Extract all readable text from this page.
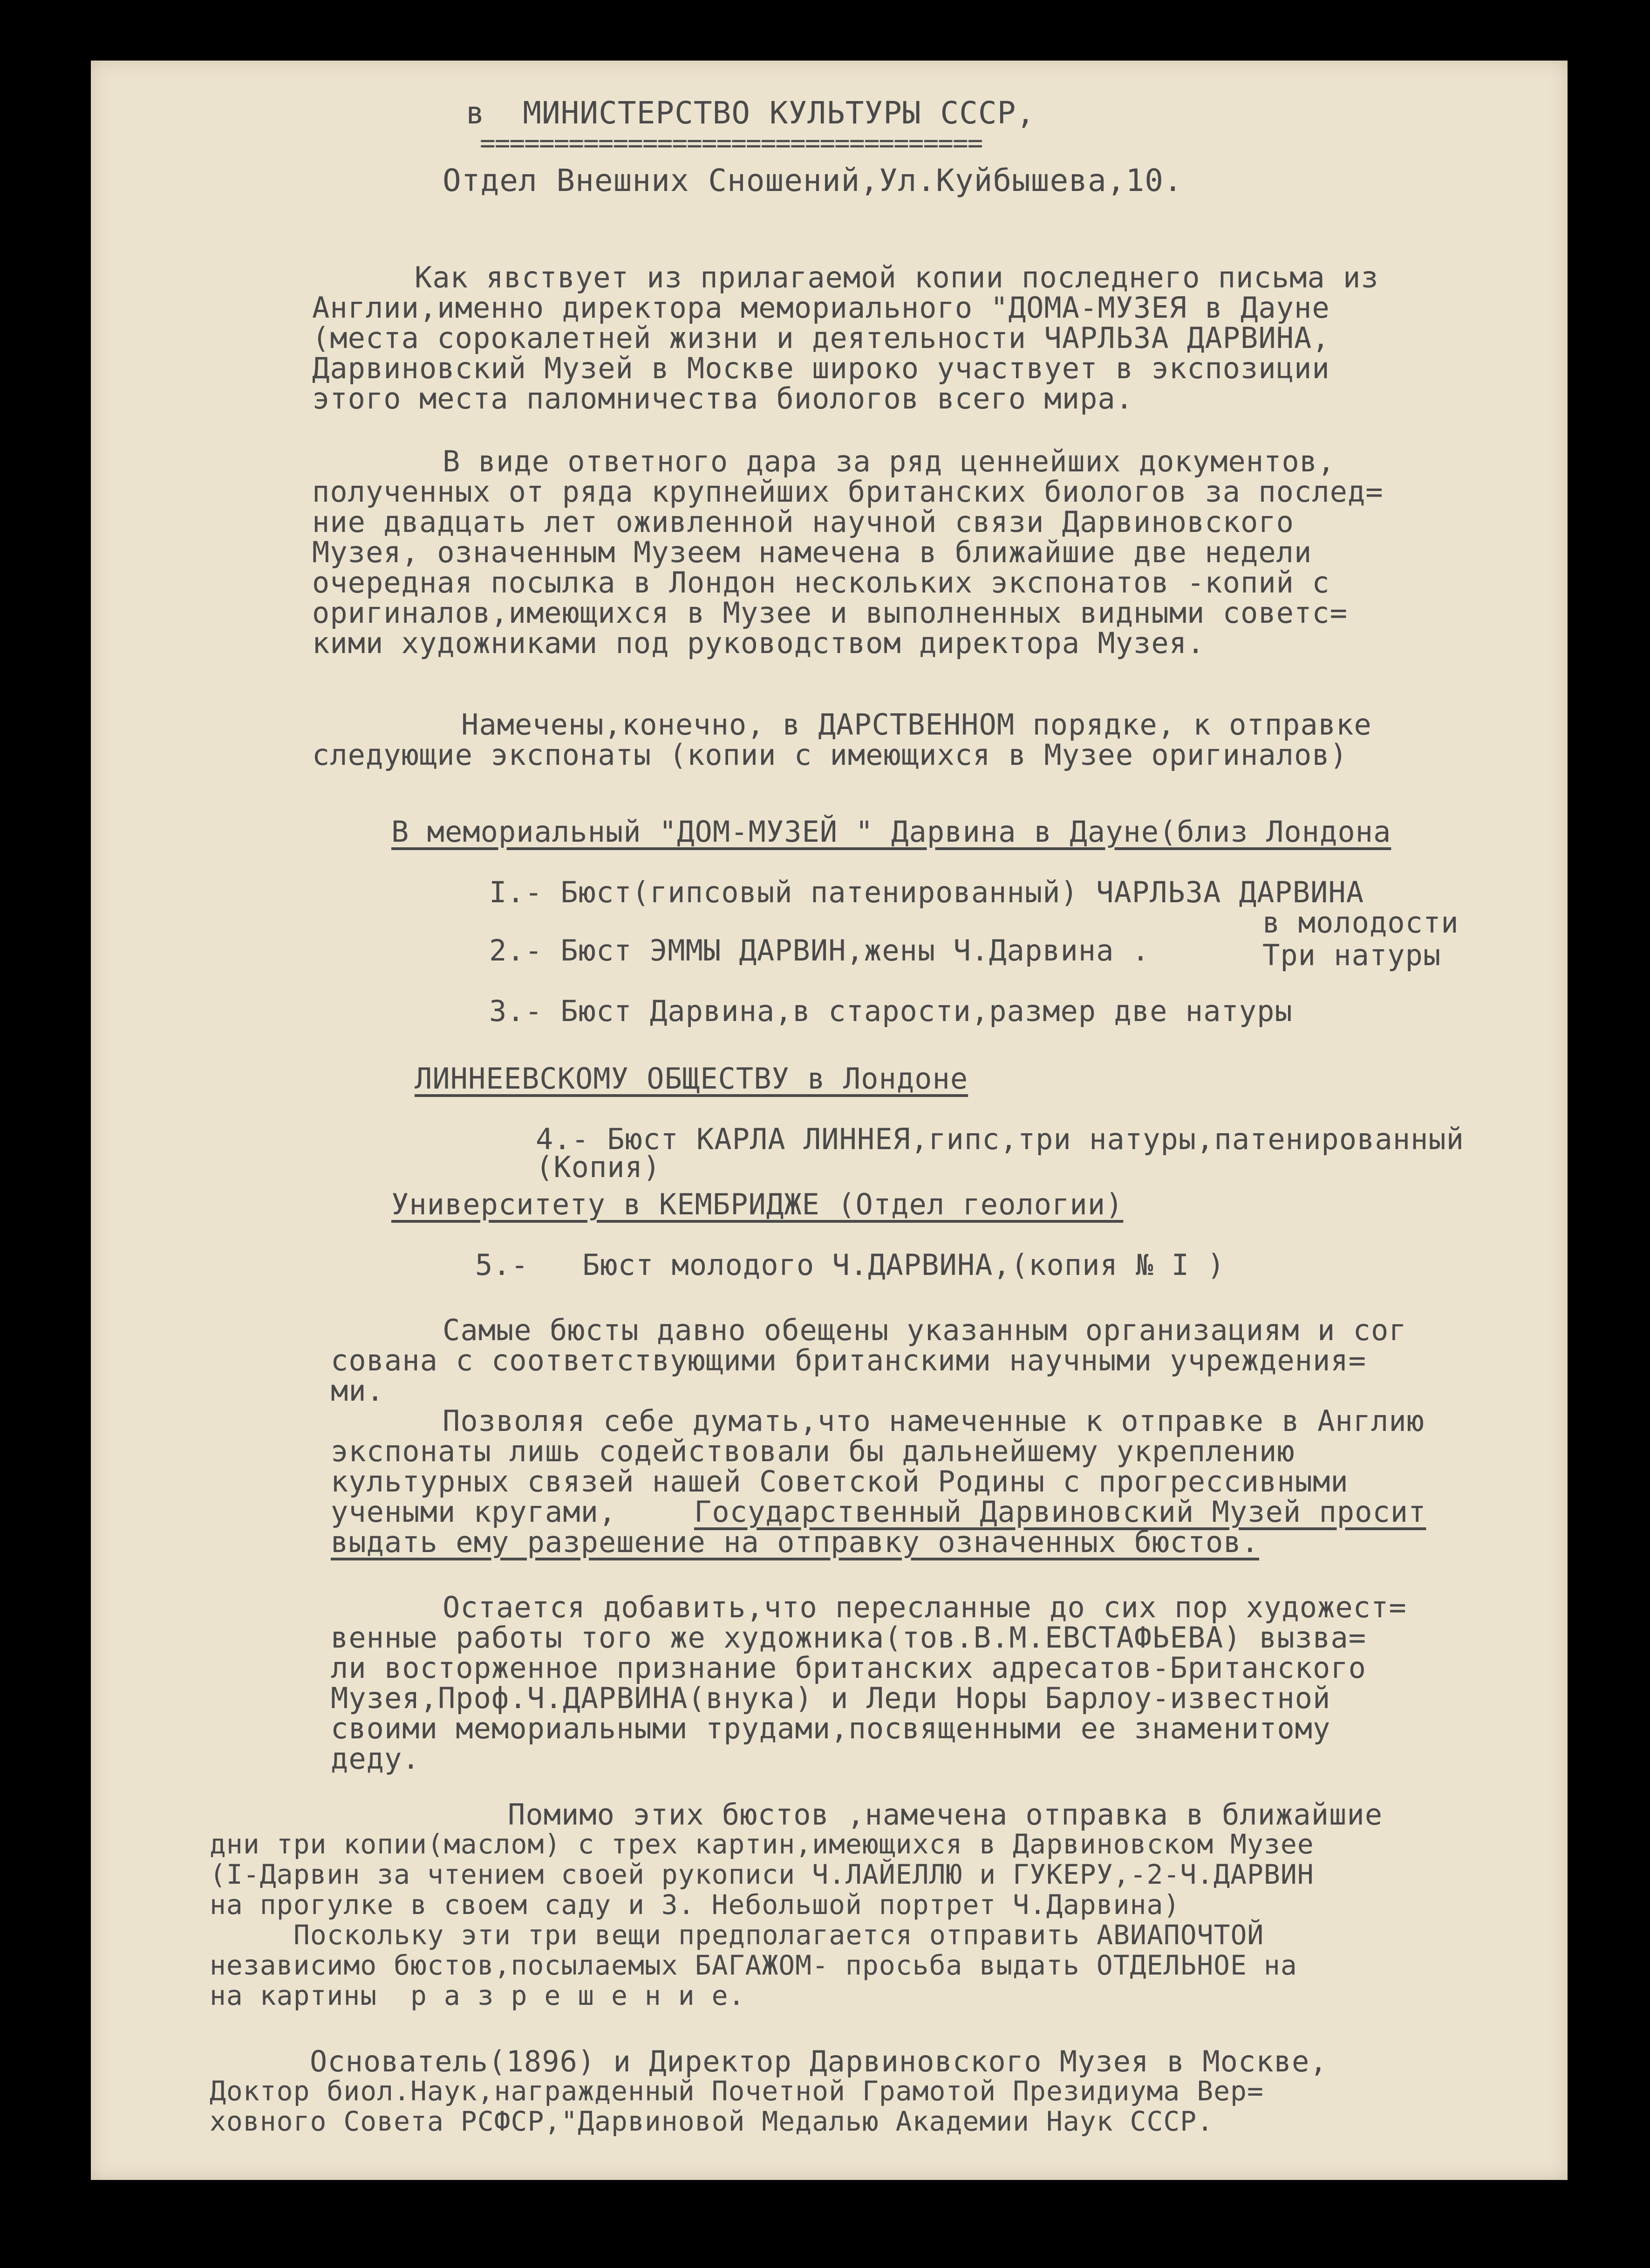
в  МИНИСТЕРСТВО КУЛЬТУРЫ СССР,
==================================
Отдел Внешних Сношений,Ул.Куйбышева,10.
Как явствует из прилагаемой копии последнего письма из
Англии,именно директора мемориального "ДОМА-МУЗЕЯ в Дауне
(места сорокалетней жизни и деятельности ЧАРЛЬЗА ДАРВИНА,
Дарвиновский Музей в Москве широко участвует в экспозиции
этого места паломничества биологов всего мира.
В виде ответного дара за ряд ценнейших документов,
полученных от ряда крупнейших британских биологов за послед=
ние двадцать лет оживленной научной связи Дарвиновского
Музея, означенным Музеем намечена в ближайшие две недели
очередная посылка в Лондон нескольких экспонатов -копий с
оригиналов,имеющихся в Музее и выполненных видными советс=
кими художниками под руководством директора Музея.
Намечены,конечно, в ДАРСТВЕННОМ порядке, к отправке
следующие экспонаты (копии с имеющихся в Музее оригиналов)
В мемориальный "ДОМ-МУЗЕЙ " Дарвина в Дауне(близ Лондона
I.- Бюст(гипсовый патенированный) ЧАРЛЬЗА ДАРВИНА
в молодости
2.- Бюст ЭММЫ ДАРВИН,жены Ч.Дарвина .	Три натуры
3.- Бюст Дарвина,в старости,размер две натуры
ЛИННЕЕВСКОМУ ОБЩЕСТВУ в Лондоне
4.- Бюст КАРЛА ЛИННЕЯ,гипс,три натуры,патенированный
(Копия)
Университету в КЕМБРИДЖЕ (Отдел геологии)
5.-   Бюст молодого Ч.ДАРВИНА,(копия № I )
Самые бюсты давно обещены указанным организациям и сог
сована с соответствующими британскими научными учреждения=
ми.
Позволяя себе думать,что намеченные к отправке в Англию
экспонаты лишь содействовали бы дальнейшему укреплению
культурных связей нашей Советской Родины с прогрессивными
учеными кругами,	Государственный Дарвиновский Музей просит
выдать ему разрешение на отправку означенных бюстов.
Остается добавить,что пересланные до сих пор художест=
венные работы того же художника(тов.В.М.ЕВСТАФЬЕВА) вызва=
ли восторженное признание британских адресатов-Британского
Музея,Проф.Ч.ДАРВИНА(внука) и Леди Норы Барлоу-известной
своими мемориальными трудами,посвященными ее знаменитому
деду.
Помимо этих бюстов ,намечена отправка в ближайшие
дни три копии(маслом) с трех картин,имеющихся в Дарвиновском Музее
(I-Дарвин за чтением своей рукописи Ч.ЛАЙЕЛЛЮ и ГУКЕРУ,-2-Ч.ДАРВИН
на прогулке в своем саду и 3. Небольшой портрет Ч.Дарвина)
Поскольку эти три вещи предполагается отправить АВИАПОЧТОЙ
независимо бюстов,посылаемых БАГАЖОМ- просьба выдать ОТДЕЛЬНОЕ на
на картины  р а з р е ш е н и е.
Основатель(1896) и Директор Дарвиновского Музея в Москве,
Доктор биол.Наук,награжденный Почетной Грамотой Президиума Вер=
ховного Совета РСФСР,"Дарвиновой Медалью Академии Наук СССР.
